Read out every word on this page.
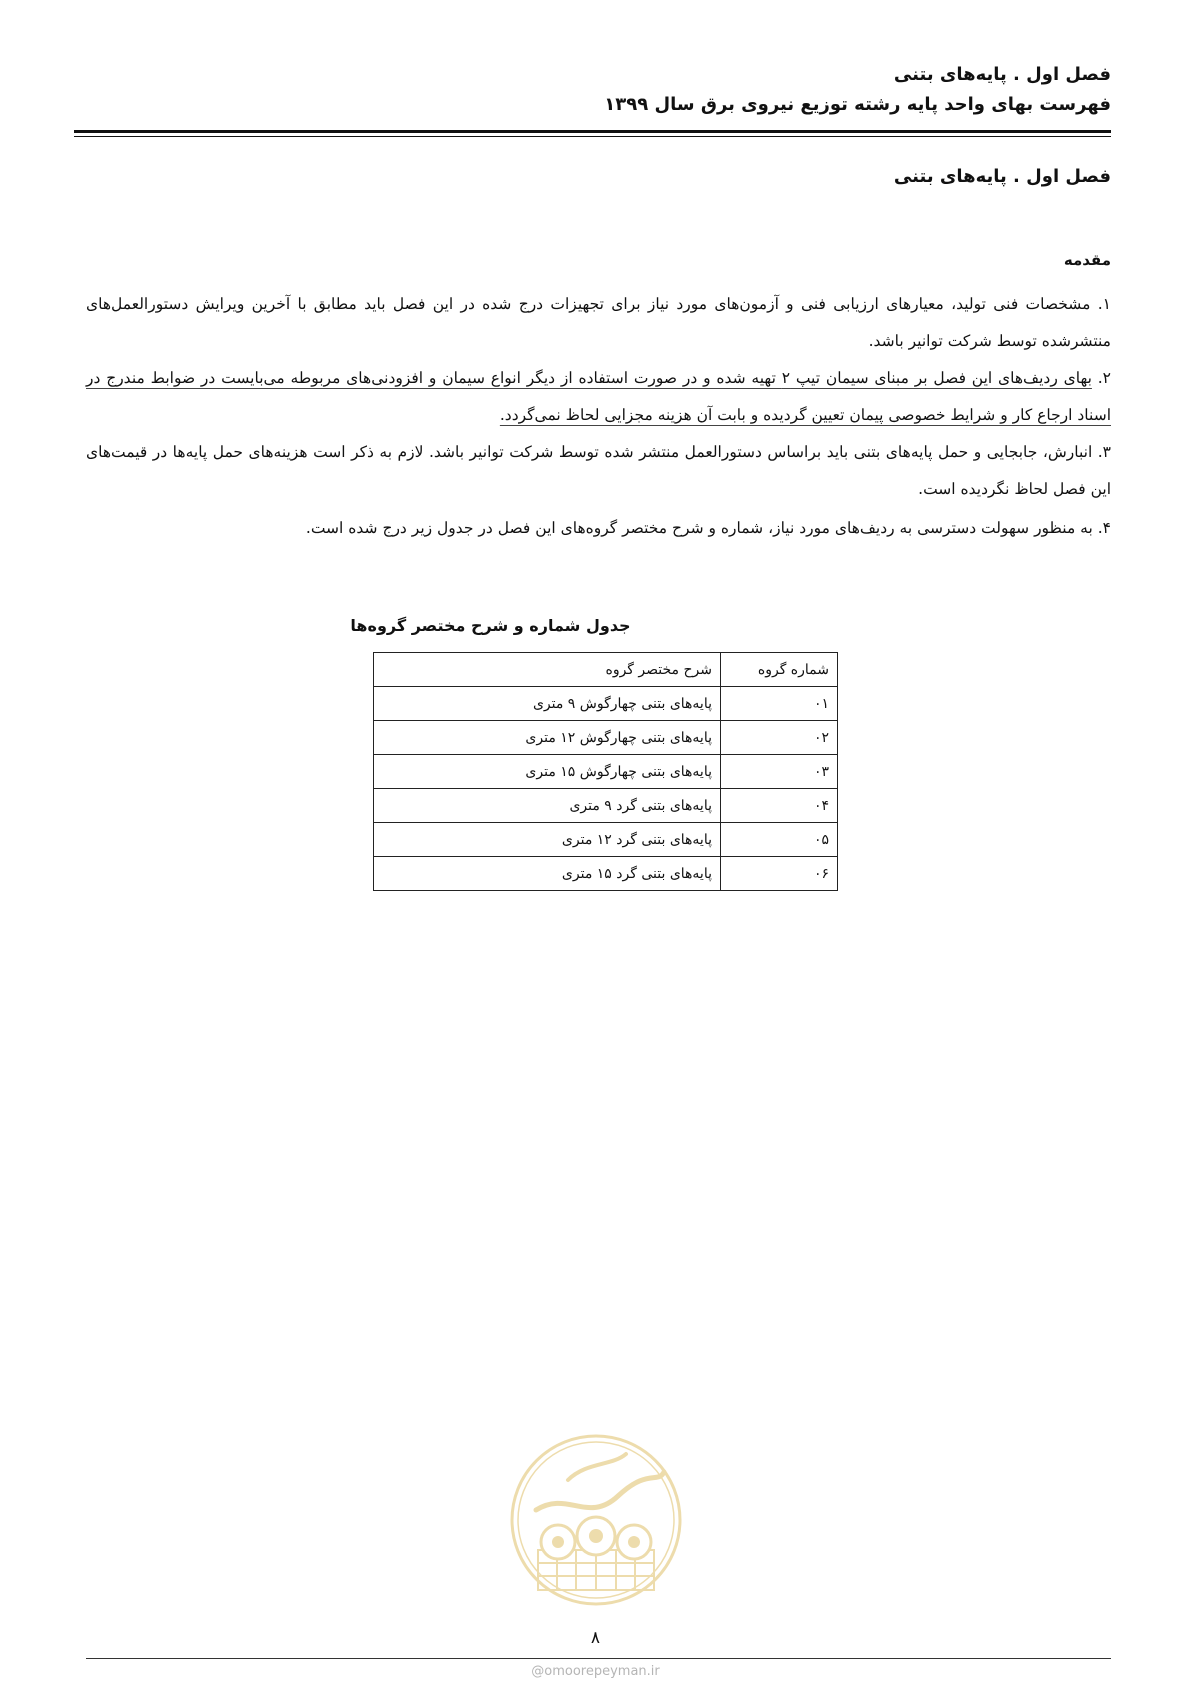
فصل اول . پایه‌های بتنی
فهرست بهای واحد پایه رشته توزیع نیروی برق سال ۱۳۹۹
فصل اول . پایه‌های بتنی
مقدمه

۱. مشخصات فنی تولید، معیارهای ارزیابی فنی و آزمون‌های مورد نیاز برای تجهیزات درج شده در این فصل باید مطابق با آخرین ویرایش دستورالعمل‌های منتشرشده توسط شرکت توانیر باشد.

۲. بهای ردیف‌های این فصل بر مبنای سیمان تیپ ۲ تهیه شده و در صورت استفاده از دیگر انواع سیمان و افزودنی‌های مربوطه می‌بایست در ضوابط مندرج در اسناد ارجاع کار و شرایط خصوصی پیمان تعیین گردیده و بابت آن هزینه مجزایی لحاظ نمی‌گردد.

۳. انبارش، جابجایی و حمل پایه‌های بتنی باید براساس دستورالعمل منتشر شده توسط شرکت توانیر باشد. لازم به ذکر است هزینه‌های حمل پایه‌ها در قیمت‌های این فصل لحاظ نگردیده است.

۴. به منظور سهولت دسترسی به ردیف‌های مورد نیاز، شماره و شرح مختصر گروه‌های این فصل در جدول زیر درج شده است.

جدول شماره و شرح مختصر گروه‌ها
شماره گروه	شرح مختصر گروه
۰۱	پایه‌های بتنی چهارگوش ۹ متری
۰۲	پایه‌های بتنی چهارگوش ۱۲ متری
۰۳	پایه‌های بتنی چهارگوش ۱۵ متری
۰۴	پایه‌های بتنی گرد ۹ متری
۰۵	پایه‌های بتنی گرد ۱۲ متری
۰۶	پایه‌های بتنی گرد ۱۵ متری
۸
@omoorepeyman.ir
